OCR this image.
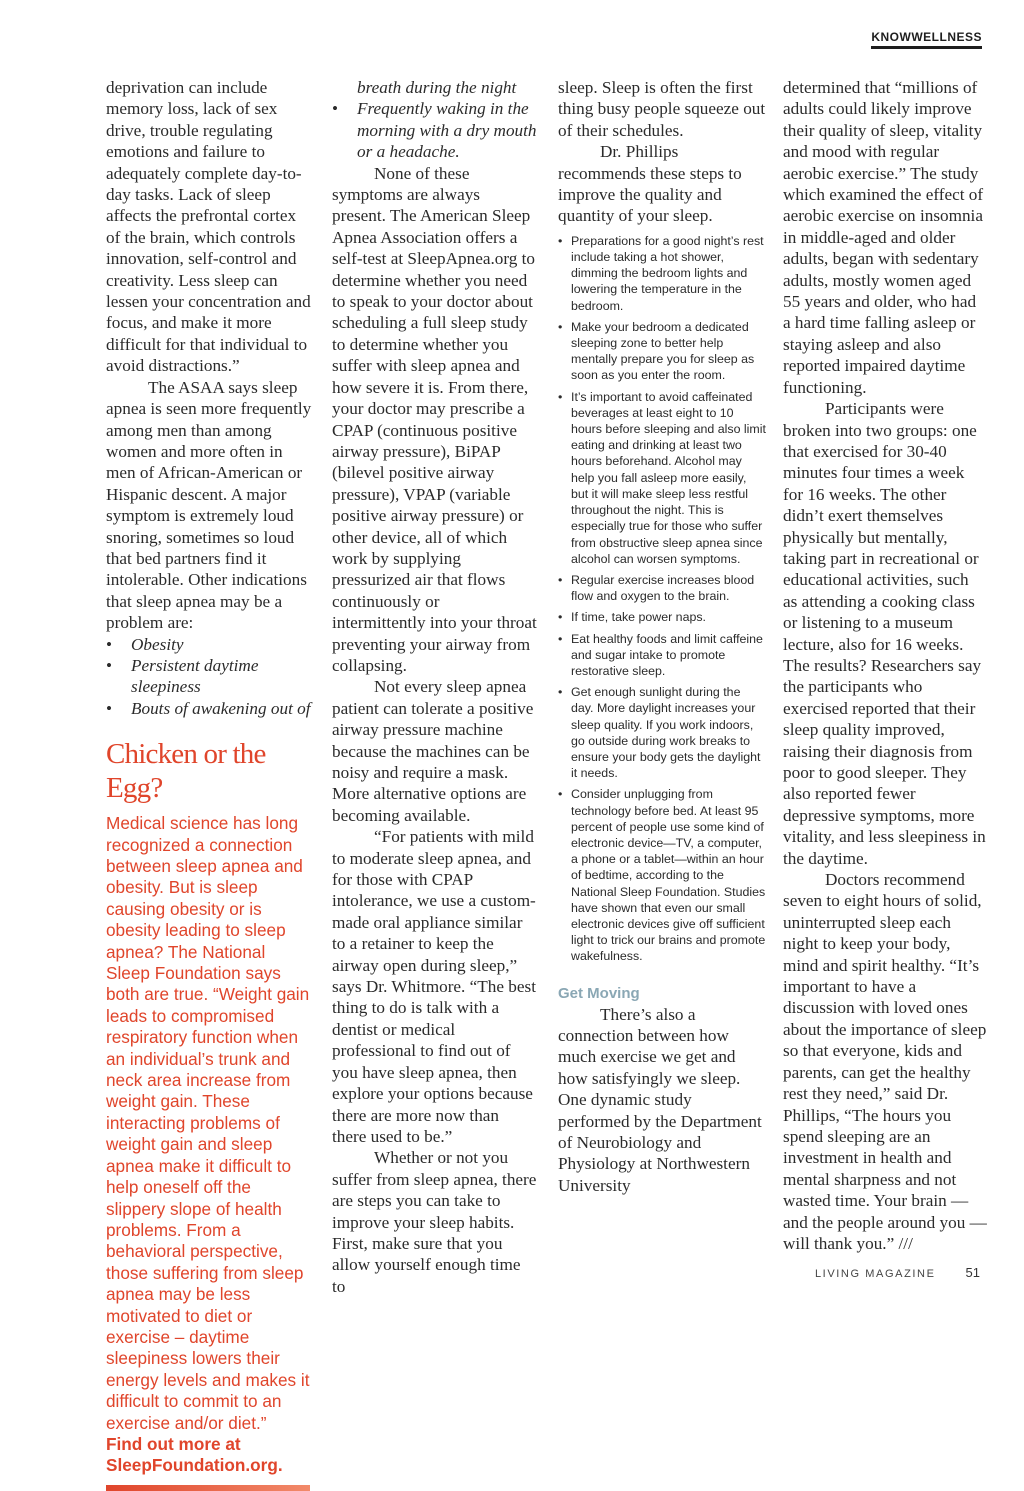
KNOWWELLNESS

deprivation can include memory loss, lack of sex drive, trouble regulating emotions and failure to adequately complete day-to-day tasks. Lack of sleep affects the prefrontal cortex of the brain, which controls innovation, self-control and creativity. Less sleep can lessen your concentration and focus, and make it more difficult for that individual to avoid distractions.”

The ASAA says sleep apnea is seen more frequently among men than among women and more often in men of African-American or Hispanic descent. A major symptom is extremely loud snoring, sometimes so loud that bed partners find it intolerable. Other indications that sleep apnea may be a problem are:

• Obesity
• Persistent daytime sleepiness
• Bouts of awakening out of
Chicken or the Egg?

Medical science has long recognized a connection between sleep apnea and obesity. But is sleep causing obesity or is obesity leading to sleep apnea? The National Sleep Foundation says both are true. “Weight gain leads to compromised respiratory function when an individual’s trunk and neck area increase from weight gain. These interacting problems of weight gain and sleep apnea make it difficult to help oneself off the slippery slope of health problems. From a behavioral perspective, those suffering from sleep apnea may be less motivated to diet or exercise – daytime sleepiness lowers their energy levels and makes it difficult to commit to an exercise and/or diet.”

Find out more at
SleepFoundation.org.

breath during the night

• Frequently waking in the morning with a dry mouth or a headache.

None of these symptoms are always present. The American Sleep Apnea Association offers a self-test at SleepApnea.org to determine whether you need to speak to your doctor about scheduling a full sleep study to determine whether you suffer with sleep apnea and how severe it is. From there, your doctor may prescribe a CPAP (continuous positive airway pressure), BiPAP (bilevel positive airway pressure), VPAP (variable positive airway pressure) or other device, all of which work by supplying pressurized air that flows continuously or intermittently into your throat preventing your airway from collapsing.

Not every sleep apnea patient can tolerate a positive airway pressure machine because the machines can be noisy and require a mask. More alternative options are becoming available.

“For patients with mild to moderate sleep apnea, and for those with CPAP intolerance, we use a custom-made oral appliance similar to a retainer to keep the airway open during sleep,” says Dr. Whitmore. “The best thing to do is talk with a dentist or medical professional to find out of you have sleep apnea, then explore your options because there are more now than there used to be.”

Whether or not you suffer from sleep apnea, there are steps you can take to improve your sleep habits. First, make sure that you allow yourself enough time to

sleep. Sleep is often the first thing busy people squeeze out of their schedules.

Dr. Phillips recommends these steps to improve the quality and quantity of your sleep.

• Preparations for a good night’s rest include taking a hot shower, dimming the bedroom lights and lowering the temperature in the bedroom.
• Make your bedroom a dedicated sleeping zone to better help mentally prepare you for sleep as soon as you enter the room.
• It’s important to avoid caffeinated beverages at least eight to 10 hours before sleeping and also limit eating and drinking at least two hours beforehand. Alcohol may help you fall asleep more easily, but it will make sleep less restful throughout the night. This is especially true for those who suffer from obstructive sleep apnea since alcohol can worsen symptoms.
• Regular exercise increases blood flow and oxygen to the brain.
• If time, take power naps.
• Eat healthy foods and limit caffeine and sugar intake to promote restorative sleep.
• Get enough sunlight during the day. More daylight increases your sleep quality. If you work indoors, go outside during work breaks to ensure your body gets the daylight it needs.
• Consider unplugging from technology before bed. At least 95 percent of people use some kind of electronic device—TV, a computer, a phone or a tablet—within an hour of bedtime, according to the National Sleep Foundation. Studies have shown that even our small electronic devices give off sufficient light to trick our brains and promote wakefulness.
Get Moving

There’s also a connection between how much exercise we get and how satisfyingly we sleep. One dynamic study performed by the Department of Neurobiology and Physiology at Northwestern University

determined that “millions of adults could likely improve their quality of sleep, vitality and mood with regular aerobic exercise.” The study which examined the effect of aerobic exercise on insomnia in middle-aged and older adults, began with sedentary adults, mostly women aged 55 years and older, who had a hard time falling asleep or staying asleep and also reported impaired daytime functioning.

Participants were broken into two groups: one that exercised for 30-40 minutes four times a week for 16 weeks. The other didn’t exert themselves physically but mentally, taking part in recreational or educational activities, such as attending a cooking class or listening to a museum lecture, also for 16 weeks. The results? Researchers say the participants who exercised reported that their sleep quality improved, raising their diagnosis from poor to good sleeper. They also reported fewer depressive symptoms, more vitality, and less sleepiness in the daytime.

Doctors recommend seven to eight hours of solid, uninterrupted sleep each night to keep your body, mind and spirit healthy. “It’s important to have a discussion with loved ones about the importance of sleep so that everyone, kids and parents, can get the healthy rest they need,” said Dr. Phillips, “The hours you spend sleeping are an investment in health and mental sharpness and not wasted time. Your brain — and the people around you — will thank you.” ///

LIVING MAGAZINE 51
